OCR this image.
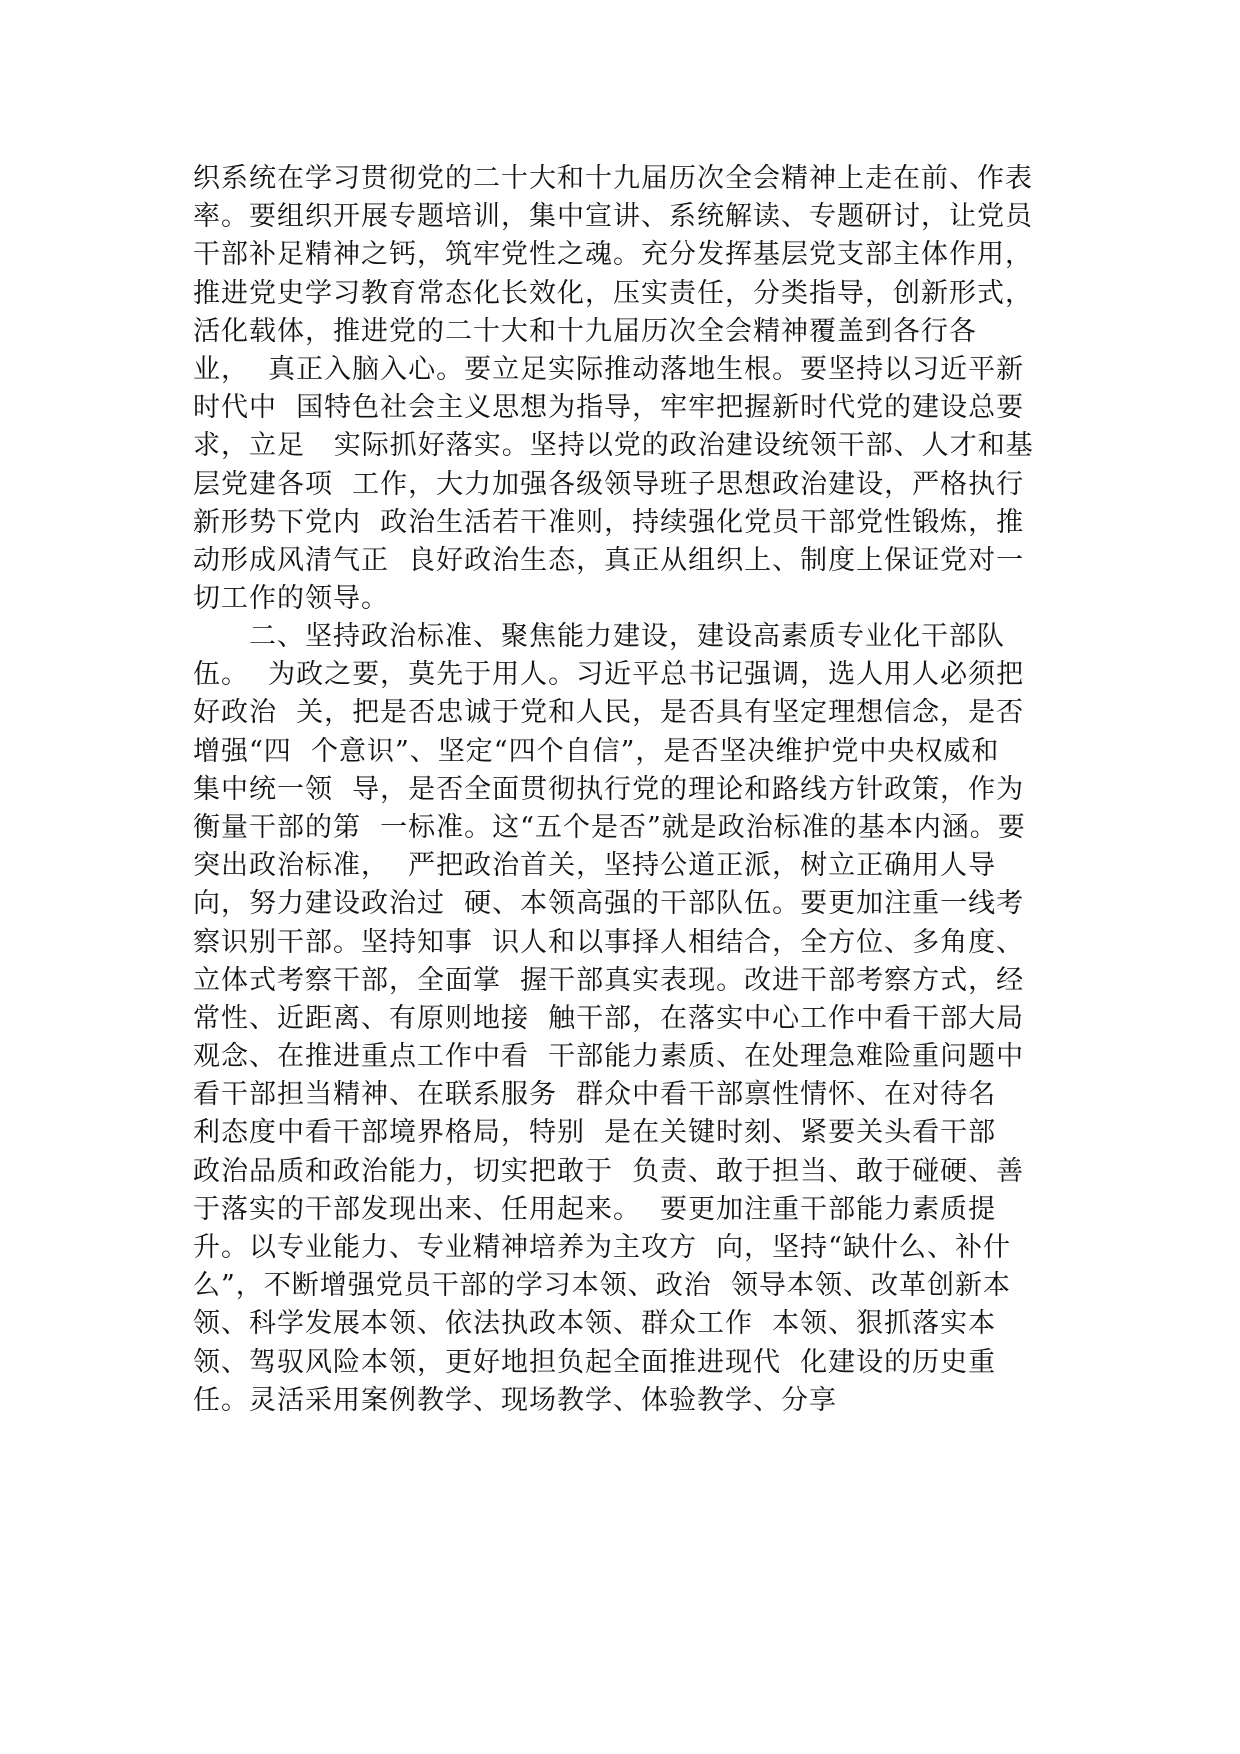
织系统在学习贯彻党的二十大和十九届历次全会精神上走在前、作表
率。要组织开展专题培训，集中宣讲、系统解读、专题研讨，让党员
干部补足精神之钙，筑牢党性之魂。充分发挥基层党支部主体作用，
推进党史学习教育常态化长效化，压实责任，分类指导，创新形式，
活化载体，推进党的二十大和十九届历次全会精神覆盖到各行各
业，  真正入脑入心。要立足实际推动落地生根。要坚持以习近平新
时代中  国特色社会主义思想为指导，牢牢把握新时代党的建设总要
求，立足   实际抓好落实。坚持以党的政治建设统领干部、人才和基
层党建各项  工作，大力加强各级领导班子思想政治建设，严格执行
新形势下党内  政治生活若干准则，持续强化党员干部党性锻炼，推
动形成风清气正  良好政治生态，真正从组织上、制度上保证党对一
切工作的领导。
二、坚持政治标准、聚焦能力建设，建设高素质专业化干部队
伍。  为政之要，莫先于用人。习近平总书记强调，选人用人必须把
好政治  关，把是否忠诚于党和人民，是否具有坚定理想信念，是否
增强“四  个意识”、坚定“四个自信”，是否坚决维护党中央权威和
集中统一领  导，是否全面贯彻执行党的理论和路线方针政策，作为
衡量干部的第  一标准。这“五个是否”就是政治标准的基本内涵。要
突出政治标准，  严把政治首关，坚持公道正派，树立正确用人导
向，努力建设政治过  硬、本领高强的干部队伍。要更加注重一线考
察识别干部。坚持知事  识人和以事择人相结合，全方位、多角度、
立体式考察干部，全面掌  握干部真实表现。改进干部考察方式，经
常性、近距离、有原则地接  触干部，在落实中心工作中看干部大局
观念、在推进重点工作中看  干部能力素质、在处理急难险重问题中
看干部担当精神、在联系服务  群众中看干部禀性情怀、在对待名
利态度中看干部境界格局，特别  是在关键时刻、紧要关头看干部
政治品质和政治能力，切实把敢于  负责、敢于担当、敢于碰硬、善
于落实的干部发现出来、任用起来。  要更加注重干部能力素质提
升。以专业能力、专业精神培养为主攻方  向，坚持“缺什么、补什
么”，不断增强党员干部的学习本领、政治  领导本领、改革创新本
领、科学发展本领、依法执政本领、群众工作  本领、狠抓落实本
领、驾驭风险本领，更好地担负起全面推进现代  化建设的历史重
任。灵活采用案例教学、现场教学、体验教学、分享
